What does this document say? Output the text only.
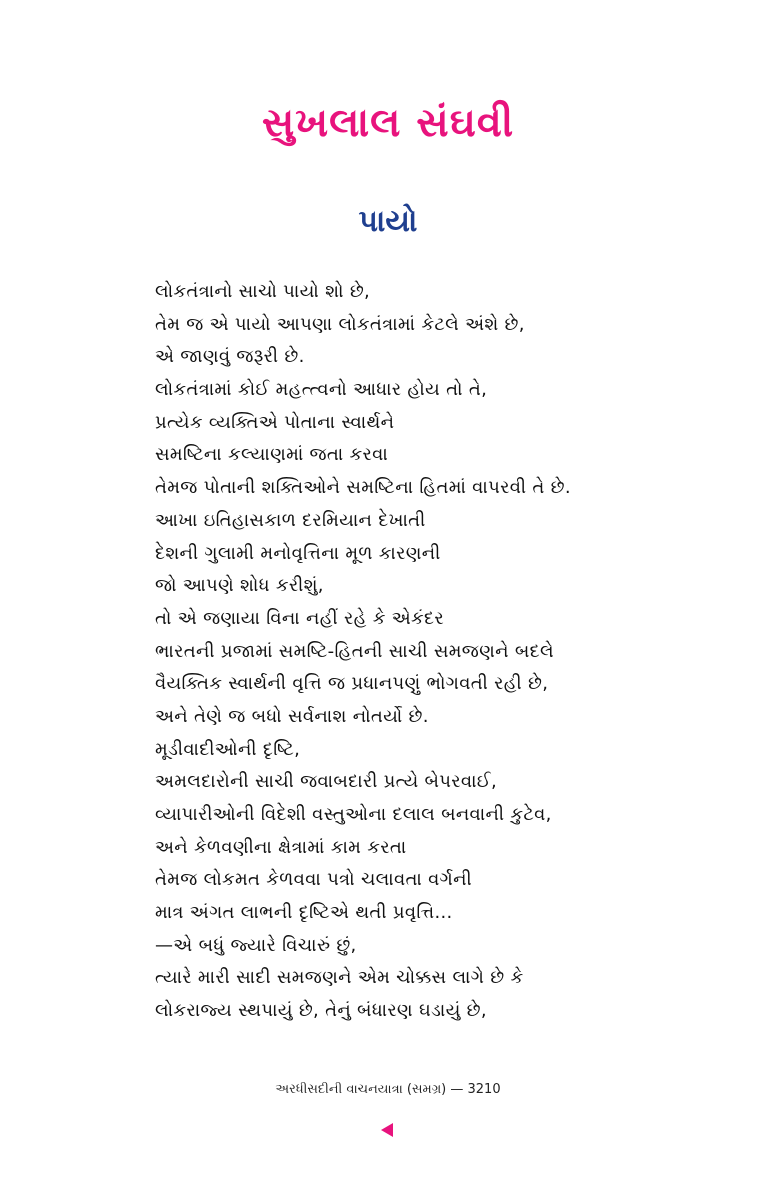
સુખલાલ સંઘવી
પાયો
લોકતંત્રાનો સાચો પાયો શો છે,
તેમ જ એ પાયો આપણા લોકતંત્રામાં કેટલે અંશે છે,
એ જાણવું જરૂરી છે.
લોકતંત્રામાં કોઈ મહત્ત્વનો આધાર હોય તો તે,
પ્રત્યેક વ્યક્તિએ પોતાના સ્વાર્થને
સમષ્ટિના કલ્યાણમાં જતા કરવા
તેમજ પોતાની શક્તિઓને સમષ્ટિના હિતમાં વાપરવી તે છે.
આખા ઇતિહાસકાળ દરમિયાન દેખાતી
દેશની ગુલામી મનોવૃત્તિના મૂળ કારણની
જો આપણે શોધ કરીશું,
તો એ જણાયા વિના નહીં રહે કે એકંદર
ભારતની પ્રજામાં સમષ્ટિ-હિતની સાચી સમજણને બદલે
વૈયક્તિક સ્વાર્થની વૃત્તિ જ પ્રધાનપણું ભોગવતી રહી છે,
અને તેણે જ બધો સર્વનાશ નોતર્યો છે.
મૂડીવાદીઓની દૃષ્ટિ,
અમલદારોની સાચી જવાબદારી પ્રત્યે બેપરવાઈ,
વ્યાપારીઓની વિદેશી વસ્તુઓના દલાલ બનવાની કુટેવ,
અને કેળવણીના ક્ષેત્રામાં કામ કરતા
તેમજ લોકમત કેળવવા પત્રો ચલાવતા વર્ગની
માત્ર અંગત લાભની દૃષ્ટિએ થતી પ્રવૃત્તિ...
—એ બધું જ્યારે વિચારું છું,
ત્યારે મારી સાદી સમજણને એમ ચોક્કસ લાગે છે કે
લોકરાજ્ય સ્થપાયું છે, તેનું બંધારણ ઘડાયું છે,
અરધીસદીની વાચનયાત્રા (સમગ્ર) — 3210
